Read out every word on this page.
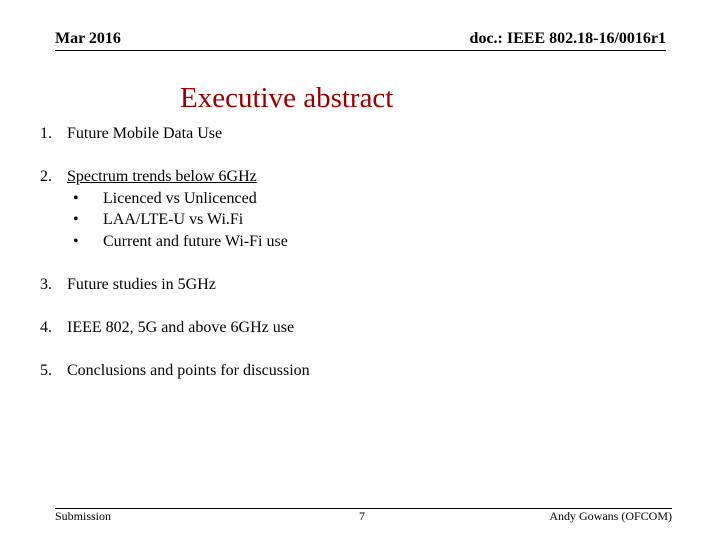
Mar 2016	doc.: IEEE 802.18-16/0016r1
Executive abstract
1. Future Mobile Data Use
2. Spectrum trends below 6GHz
• Licenced vs Unlicenced
• LAA/LTE-U vs Wi.Fi
• Current and future Wi-Fi use
3. Future studies in 5GHz
4. IEEE 802, 5G and above 6GHz use
5. Conclusions and points for discussion
Submission	7	Andy Gowans (OFCOM)
